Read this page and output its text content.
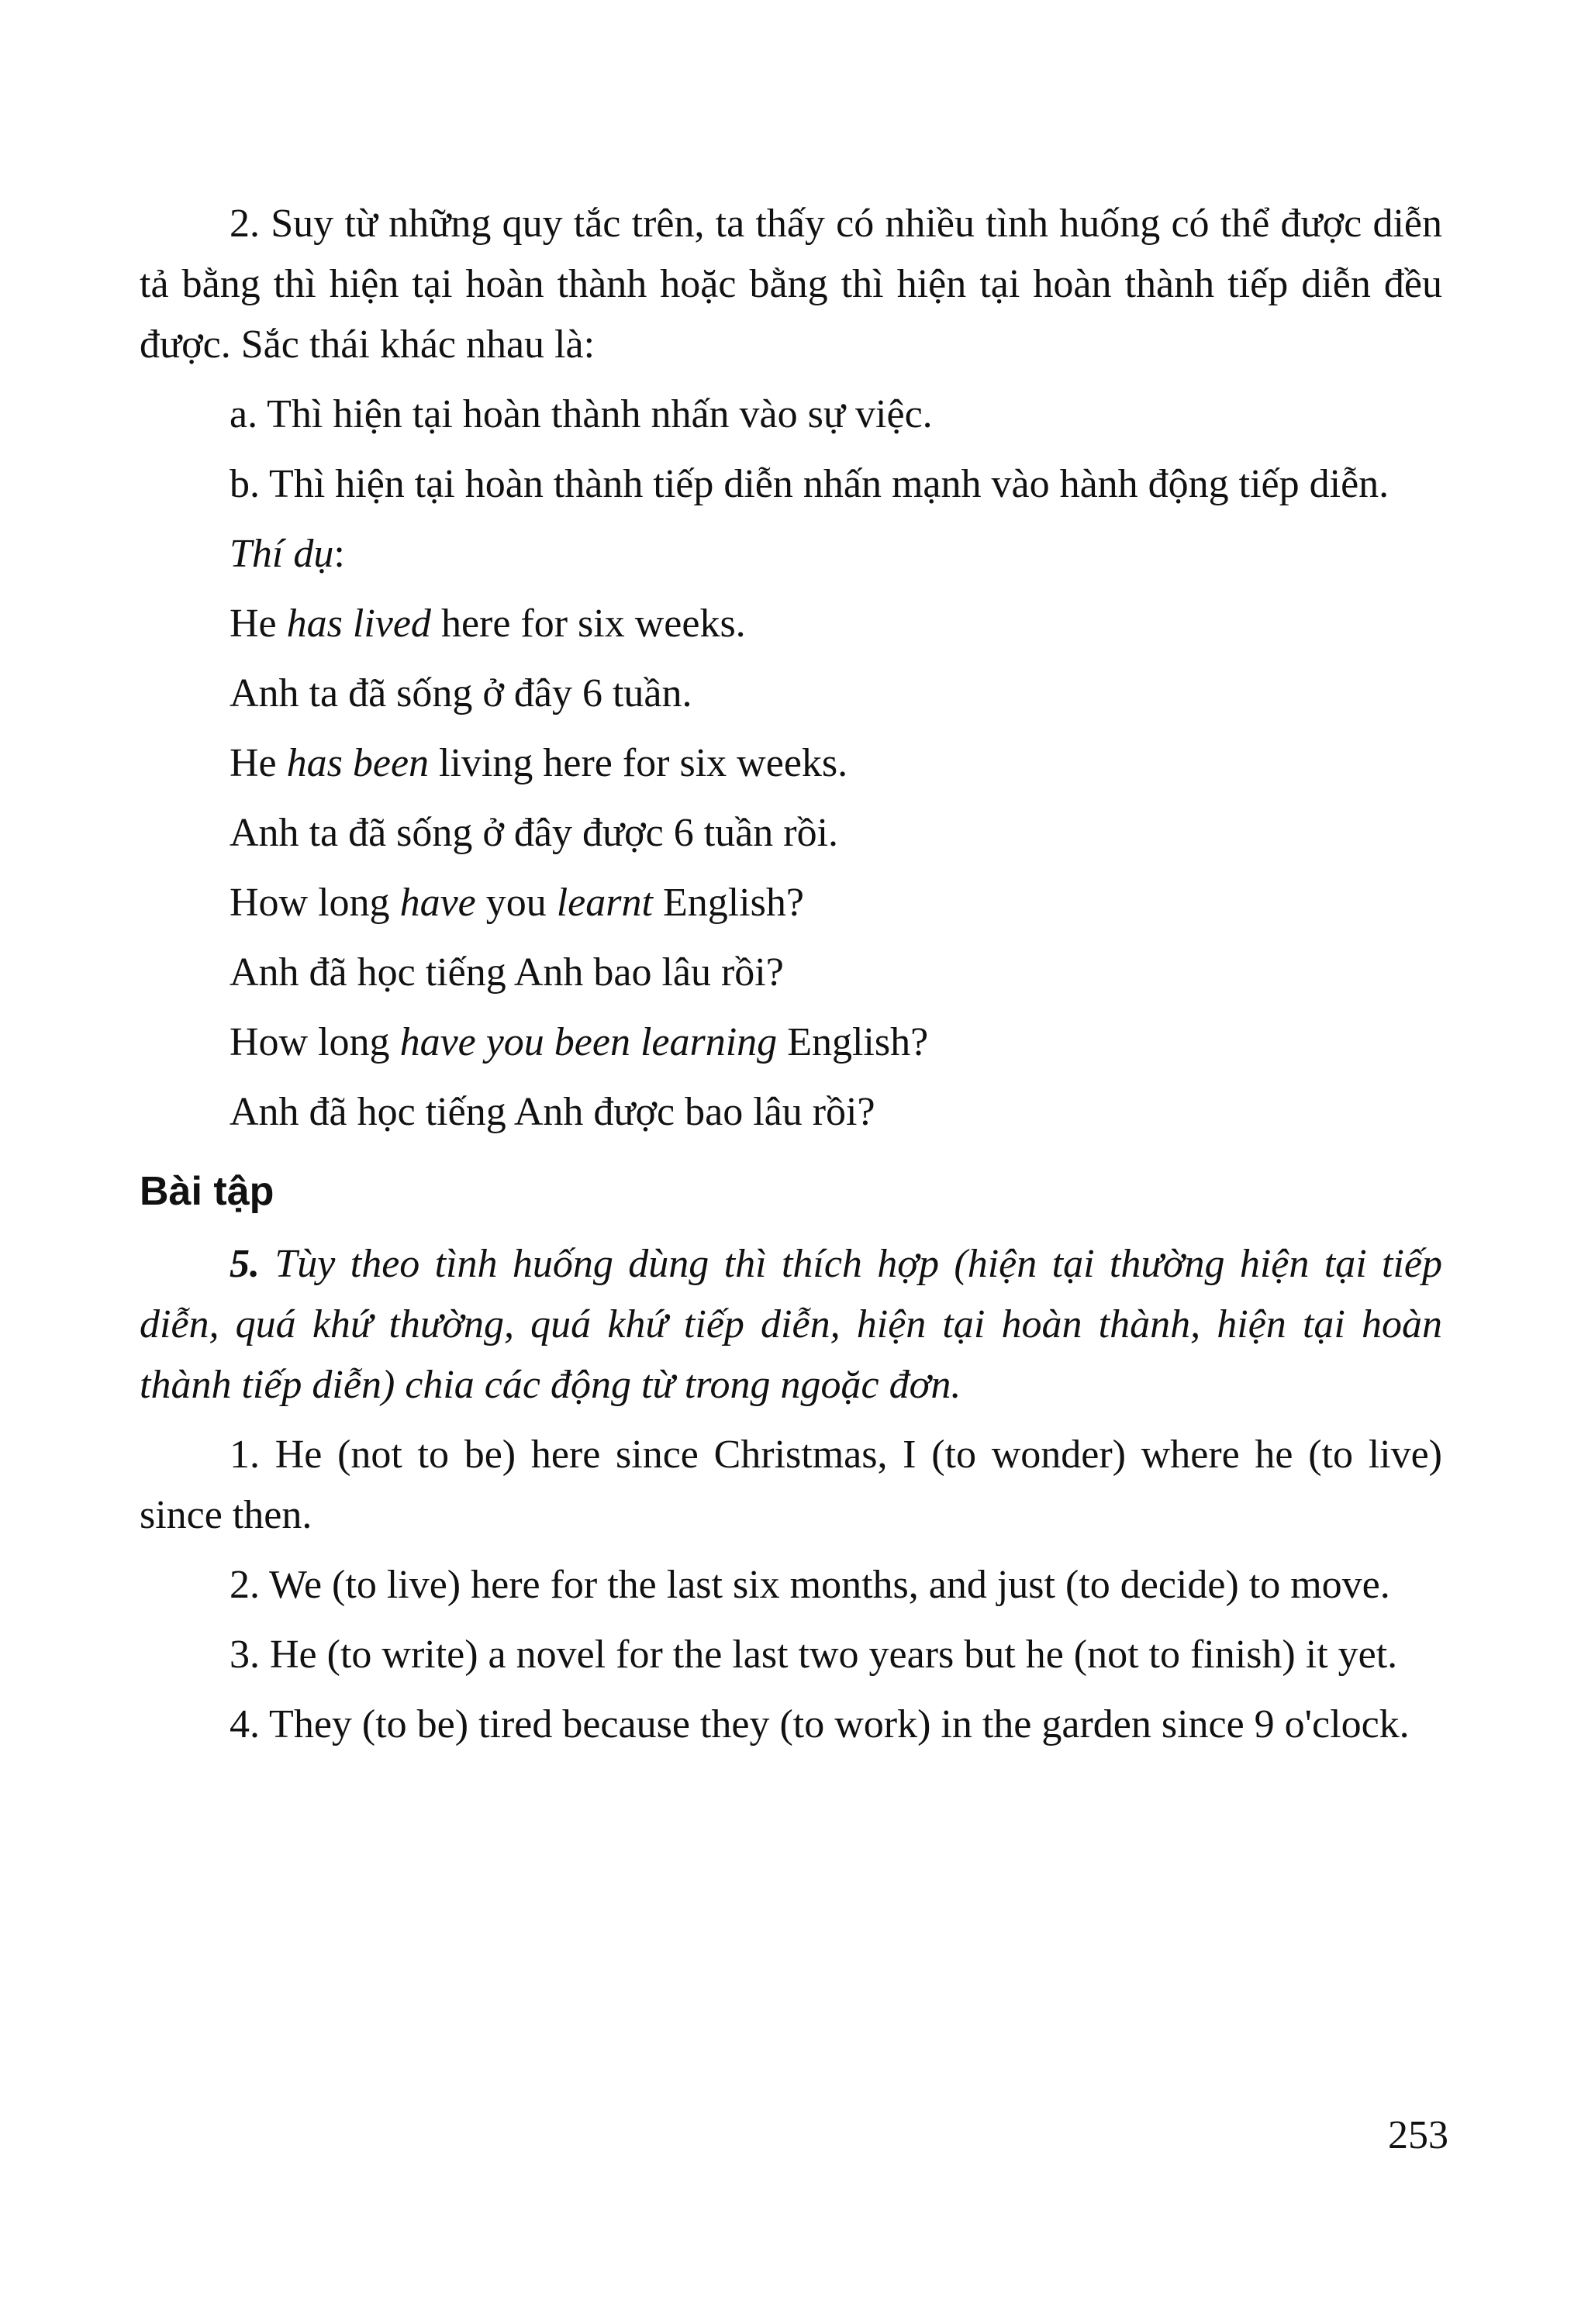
2. Suy từ những quy tắc trên, ta thấy có nhiều tình huống có thể được diễn tả bằng thì hiện tại hoàn thành hoặc bằng thì hiện tại hoàn thành tiếp diễn đều được. Sắc thái khác nhau là:

a. Thì hiện tại hoàn thành nhấn vào sự việc.

b. Thì hiện tại hoàn thành tiếp diễn nhấn mạnh vào hành động tiếp diễn.

Thí dụ:

He has lived here for six weeks.

Anh ta đã sống ở đây 6 tuần.

He has been living here for six weeks.

Anh ta đã sống ở đây được 6 tuần rồi.

How long have you learnt English?

Anh đã học tiếng Anh bao lâu rồi?

How long have you been learning English?

Anh đã học tiếng Anh được bao lâu rồi?

Bài tập

5. Tùy theo tình huống dùng thì thích hợp (hiện tại thường hiện tại tiếp diễn, quá khứ thường, quá khứ tiếp diễn, hiện tại hoàn thành, hiện tại hoàn thành tiếp diễn) chia các động từ trong ngoặc đơn.

1. He (not to be) here since Christmas, I (to wonder) where he (to live) since then.

2. We (to live) here for the last six months, and just (to decide) to move.

3. He (to write) a novel for the last two years but he (not to finish) it yet.

4. They (to be) tired because they (to work) in the garden since 9 o'clock.

253
